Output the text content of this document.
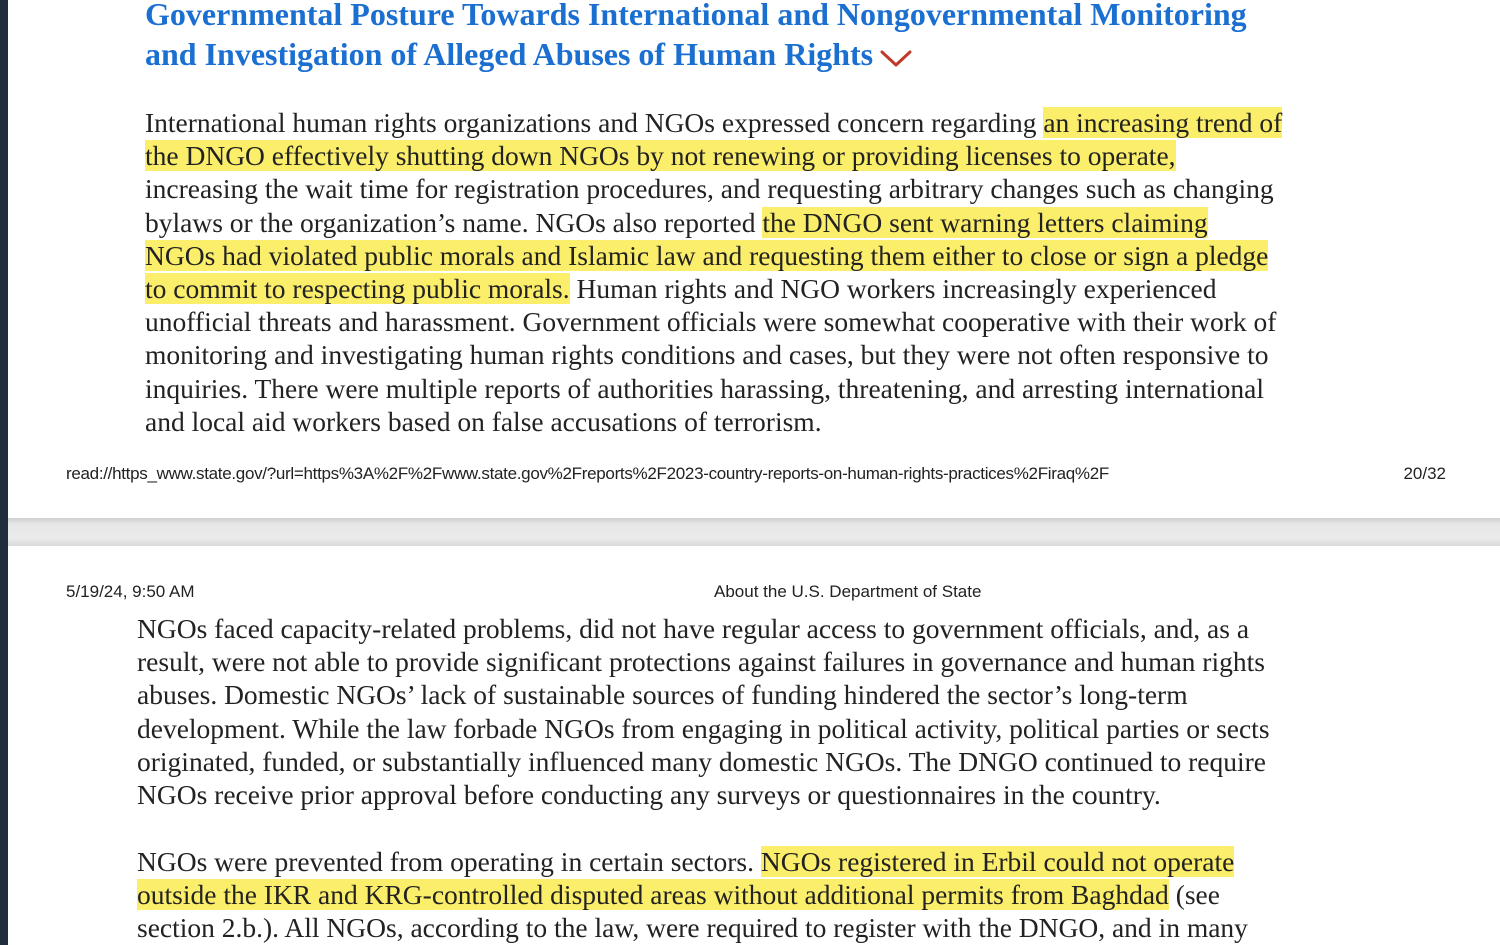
Governmental Posture Towards International and Nongovernmental Monitoring
and Investigation of Alleged Abuses of Human Rights
International human rights organizations and NGOs expressed concern regarding an increasing trend of
the DNGO effectively shutting down NGOs by not renewing or providing licenses to operate,
increasing the wait time for registration procedures, and requesting arbitrary changes such as changing
bylaws or the organization’s name. NGOs also reported the DNGO sent warning letters claiming
NGOs had violated public morals and Islamic law and requesting them either to close or sign a pledge
to commit to respecting public morals. Human rights and NGO workers increasingly experienced
unofficial threats and harassment. Government officials were somewhat cooperative with their work of
monitoring and investigating human rights conditions and cases, but they were not often responsive to
inquiries. There were multiple reports of authorities harassing, threatening, and arresting international
and local aid workers based on false accusations of terrorism.
read://https_www.state.gov/?url=https%3A%2F%2Fwww.state.gov%2Freports%2F2023-country-reports-on-human-rights-practices%2Firaq%2F	20/32
5/19/24, 9:50 AM	About the U.S. Department of State
NGOs faced capacity-related problems, did not have regular access to government officials, and, as a
result, were not able to provide significant protections against failures in governance and human rights
abuses. Domestic NGOs’ lack of sustainable sources of funding hindered the sector’s long-term
development. While the law forbade NGOs from engaging in political activity, political parties or sects
originated, funded, or substantially influenced many domestic NGOs. The DNGO continued to require
NGOs receive prior approval before conducting any surveys or questionnaires in the country.
NGOs were prevented from operating in certain sectors. NGOs registered in Erbil could not operate
outside the IKR and KRG-controlled disputed areas without additional permits from Baghdad (see
section 2.b.). All NGOs, according to the law, were required to register with the DNGO, and in many
